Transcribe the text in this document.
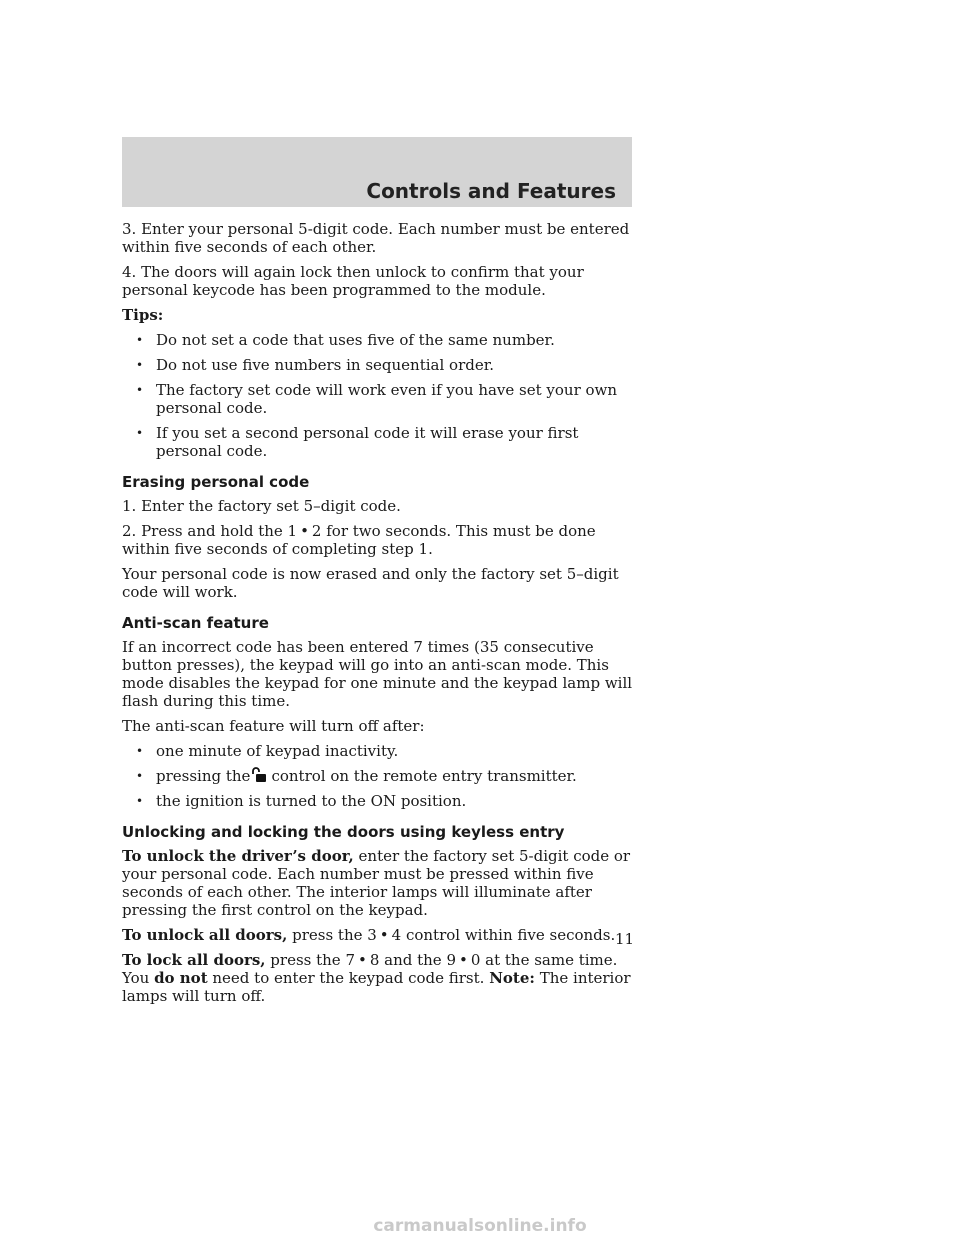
Controls and Features

3. Enter your personal 5-digit code. Each number must be entered within five seconds of each other.

4. The doors will again lock then unlock to confirm that your personal keycode has been programmed to the module.

Tips:

• Do not set a code that uses five of the same number.
• Do not use five numbers in sequential order.
• The factory set code will work even if you have set your own personal code.
• If you set a second personal code it will erase your first personal code.
Erasing personal code

1. Enter the factory set 5–digit code.

2. Press and hold the 1 • 2 for two seconds. This must be done within five seconds of completing step 1.

Your personal code is now erased and only the factory set 5–digit code will work.

Anti-scan feature

If an incorrect code has been entered 7 times (35 consecutive button presses), the keypad will go into an anti-scan mode. This mode disables the keypad for one minute and the keypad lamp will flash during this time.

The anti-scan feature will turn off after:

• one minute of keypad inactivity.
• pressing the control on the remote entry transmitter.
• the ignition is turned to the ON position.
Unlocking and locking the doors using keyless entry

To unlock the driver’s door, enter the factory set 5-digit code or your personal code. Each number must be pressed within five seconds of each other. The interior lamps will illuminate after pressing the first control on the keypad.

To unlock all doors, press the 3 • 4 control within five seconds.

To lock all doors, press the 7 • 8 and the 9 • 0 at the same time. You do not need to enter the keypad code first. Note: The interior lamps will turn off.

11
carmanualsonline.info
